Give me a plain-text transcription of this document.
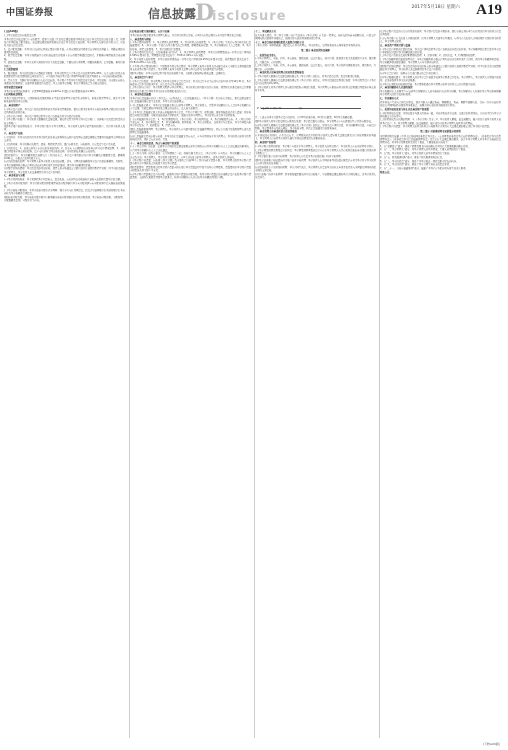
中国证券报	信息披露
D
isclosure
2017年5月18日 星期六 A19

(上接A18版)

(二)基金的投资方向和投资范围

本基金投资于依法发行上市的股票、债券等金融工具以及法律法规或中国证监会允许基金投资的其他金融工具，但须符合中国证监会相关规定。如法律法规或监管机构以后允许基金投资其他品种，基金管理人在履行适当程序后，可以将其纳入投资范围。

1、资产配置策略：本基金综合运用定性和定量的分析手段，在对宏观经济因素进行充分研究的基础上，判断宏观经济周期所处阶段。

2、股票投资策略：本基金将精选具有持续成长能力的优质上市公司股票构建投资组合，并根据市场情况进行动态调整。

3、债券投资策略：本基金采用久期控制下的主动投资策略，主要包括久期管理、期限结构配置、信用策略、相对价值判断等。

(三)投资限制

1、组合限制：基金的投资组合应遵循以下限制：本基金股票资产占基金资产的比例为0%-95%；每个交易日日终在扣除股指期货合约需缴纳的交易保证金后，应当保持不低于基金资产净值5%的现金或者到期日在一年以内的政府债券。

2、禁止行为：为维护基金份额持有人的合法权益，基金财产不得用于下列投资或者活动：承销证券；违反规定向他人贷款或者提供担保；从事承担无限责任的投资；买卖其他基金份额，但是中国证监会另有规定的除外。

(四)业绩比较基准

本基金的业绩比较基准为：沪深300指数收益率×60%+中债综合全价指数收益率×40%。

(五)风险收益特征

本基金为混合型基金，其预期收益及预期风险水平高于债券型基金和货币市场基金，但低于股票型基金，属于中等风险收益特征的基金品种。

五、基金的财产

(一)基金资产总值：基金资产总值是指购买的各类证券及票据价值、银行存款本息和基金应收的申购基金款以及其他投资所形成的价值总和。

(二)基金资产净值：基金资产净值是指基金资产总值减去基金负债后的价值。

(三)基金财产的账户：基金托管人根据相关法律法规、规范性文件为本基金开立资金账户、证券账户以及投资所需的其他专用账户。

(四)基金财产的保管和处分：本基金财产独立于基金管理人、基金托管人和基金销售机构的财产，并由基金托管人保管。

六、基金资产估值

(一)估值日：本基金的估值日为本基金相关的证券交易场所的交易日以及国家法律法规规定需要对外披露基金净值的非交易日。

(二)估值对象：基金所拥有的股票、债券、股指期货合约、银行存款本息、应收款项、其它投资等资产及负债。

(三)估值方法：1、证券交易所上市的有价证券的估值；2、处于未上市期间的有价证券应区分如下情况处理；3、全国银行间债券市场交易的债券、资产支持证券等固定收益品种，采用估值技术确定公允价值。

(四)估值程序：基金份额净值是按照每个工作日闭市后，基金资产净值除以当日基金份额的余额数量计算，精确到0.001元，小数点后第4位四舍五入。

(五)估值错误的处理：基金管理人和基金托管人将采取必要、适当、合理的措施确保基金资产估值的准确性、及时性。当基金份额净值小数点后4位以内(含第4位)发生估值错误时，视为基金份额净值错误。

(六)暂停估值的情形：基金投资所涉及的证券、期货交易市场遇法定节假日或因其他原因暂停营业时；因不可抗力致使基金管理人、基金托管人无法准确评估基金资产价值时。

七、基金收益与分配

(一)基金利润的构成：基金利润指基金利息收入、投资收益、公允价值变动收益和其他收入扣除相关费用后的余额。

(二)基金可供分配利润：基金可供分配利润指截至收益分配基准日基金未分配利润与未分配利润中已实现收益的孰低数。

(三)基金收益分配原则：本基金收益分配方式分两种：现金分红与红利再投资，投资者可选择现金红利或将现金红利自动转为基金份额进行再投资。

(四)收益分配方案：基金收益分配方案中应载明截止收益分配基准日的可供分配利润、基金收益分配对象、分配时间、分配数额及比例、分配方式等内容。

(五)收益分配方案的确定、公告与实施

本基金收益分配方案由基金管理人拟定，并由基金托管人复核，在2日内在指定媒介公告并报中国证监会备案。

八、基金费用与税收

(一)基金费用的种类：1、基金管理人的管理费；2、基金托管人的托管费；3、《基金合同》生效后与基金相关的信息披露费用；4、《基金合同》生效后与基金相关的会计师费、律师费和诉讼费；5、基金份额持有人大会费用；6、基金的证券、期货交易费用；7、基金的银行汇划费用。

(二)基金费用计提方法、计提标准和支付方式：1、基金管理人的管理费：本基金的管理费按前一日基金资产净值的1.50%年费率计提。管理费的计算方法如下：H=E×1.50%÷当年天数。

2、基金托管人的托管费：本基金的托管费按前一日基金资产净值的0.25%的年费率计提。托管费的计算方法如下：H=E×0.25%÷当年天数。

(三)不列入基金费用的项目：下列费用不列入基金费用：基金管理人和基金托管人因未履行或未完全履行义务导致的费用支出或基金财产的损失；基金管理人和基金托管人处理与基金运作无关的事项发生的费用。

(四)基金税收：本基金运作过程中涉及的各纳税主体，其纳税义务按国家税收法律、法规执行。

九、基金的会计与审计

(一)基金会计政策：基金管理人为本基金的基金会计责任方；基金的会计年度为公历年度的1月1日至12月31日；基金核算以人民币为记账本位币，以人民币元为记账单位。

(二)基金的年度审计：基金管理人聘请与基金管理人、基金托管人相互独立的具有证券、期货相关业务资格的会计师事务所及其注册会计师对本基金的年度财务报表进行审计。

十、基金的信息披露

本基金的信息披露应符合《基金法》、《运作办法》、《信息披露办法》、《基金合同》及其他有关规定。相关法律法规关于信息披露的规定发生变化时，本基金从其最新规定。

(一)信息披露义务人：本基金信息披露义务人包括基金管理人、基金托管人、召集基金份额持有人大会的基金份额持有人等法律、行政法规和中国证监会规定的自然人、法人和其他组织。

(二)本基金信息披露义务人承诺公开披露的基金信息，不得有下列行为：虚假记载、误导性陈述或者重大遗漏；对证券投资业绩进行预测；违规承诺收益或者承担损失；诋毁其他基金管理人、基金托管人或者基金销售机构。

(三)公开披露的基金信息：1、基金招募说明书、《基金合同》、基金托管协议；2、基金份额发售公告；3、《基金合同》生效公告；4、基金净值信息；5、基金份额申购、赎回价格；6、基金定期报告，包括基金年度报告、基金中期报告和基金季度报告；7、临时报告；8、澄清公告。

(四)信息披露事务管理：基金管理人、基金托管人应当建立健全信息披露管理制度，指定专门部门及高级管理人员负责管理信息披露事务。

(五)信息披露文件的存放与查阅：本基金的信息披露文件公布后，应当分别置备于基金管理人、基金托管人和基金销售机构的住所，供社会公众查阅、复制。

十一、基金合同的变更、终止与基金财产的清算

(一)《基金合同》的变更：变更基金合同涉及法律法规规定或本合同约定应经基金份额持有人大会决议通过的事项的，应召开基金份额持有人大会决议通过。

(二)《基金合同》的终止事由：有下列情形之一的，经履行相关程序后，《基金合同》应当终止：基金份额持有人大会决定终止的；基金管理人、基金托管人职责终止，在6个月内没有新基金管理人、新基金托管人承接的。

(三)基金财产的清算：自出现《基金合同》终止事由之日起30个工作日内成立清算小组，基金管理人组织基金财产清算小组并在中国证监会的监督下进行基金清算。

(四)清算费用：清算费用是指基金财产清算小组在进行基金清算过程中发生的所有合理费用，清算费用由基金财产清算小组优先从基金财产中支付。

(五)基金财产清算剩余资产的分配：依据基金财产清算的分配方案，将基金财产清算后的全部剩余资产扣除基金财产清算费用、交纳所欠税款并清偿基金债务后，按基金份额持有人持有的基金份额比例进行分配。

十二、争议解决方式

各方当事人同意，因《基金合同》而产生的或与《基金合同》有关的一切争议，如经友好协商未能解决的，应提交中国国际经济贸易仲裁委员会，按照其时有效的仲裁规则进行仲裁。

十三、基金合同存放地和投资人取得合同的方式

《基金合同》可印制成册，供投资人在基金管理人、基金托管人、销售机构的办公场所和营业场所查阅。

第二部分 基金托管协议摘要

一、托管协议当事人

(一)基金管理人：名称、住所、办公地址、邮政编码、法定代表人、成立日期、批准设立机关及批准设立文号、组织形式、注册资本、存续期间。

(二)基金托管人：名称、住所、办公地址、邮政编码、法定代表人、成立日期、基金托管业务批准文号、组织形式、注册资本、存续期间。

二、基金托管人对基金管理人的业务监督和核查

(一)基金托管人根据有关法律法规的规定及《基金合同》的约定，对基金投资范围、投资对象进行监督。

(二)基金托管人根据有关法律法规的规定及《基金合同》的约定，对基金投融资比例进行监督：本基金股票资产占基金资产的比例为0%-95%。

(三)基金托管人对基金管理人参与银行间债券市场进行监督，基金管理人应事先向基金托管人提供银行间债券市场交易对手名单。

P = ∑ (Pi × Qi) / N ……………… (1)

注：上述公式用于计算基金资产的估值，其中Pi为证券价格，Qi为持有数量，N为基金份额总数。

(四)基金托管人对基金投资银行存款进行监督：基金投资银行存款前，基金管理人应与存款银行签订具体存款协议。

(五)基金托管人根据有关法律法规的规定及《基金合同》的约定，对基金资产净值计算、基金份额净值计算、应收资金到账、基金费用开支及收入确定、基金收益分配、相关信息披露进行监督和核查。

三、基金管理人对基金托管人的业务核查

在本协议的有效期内，在不违反公平、合理原则以及不妨碍基金托管人遵守相关法律法规及其行业监管要求的基础上，基金管理人有权对基金托管人履行本协议的情况进行必要的核查。

四、基金财产的保管

(一)基金财产保管的原则：基金财产应独立于基金管理人、基金托管人的固有财产；基金托管人应安全保管基金财产。

(二)基金募集期间及募集资金的验资：基金募集期间募集的资金应存于基金管理人在具有托管资格的商业银行开设的基金募集专户。

(三)基金银行账户的开立和管理：基金托管人应负责本基金的银行账户的开立和管理。

(四)基金证券账户和结算备付金账户的开立和管理：基金托管人在中国证券登记结算有限责任公司为基金开立基金托管人与基金联名的证券账户。

(五)债券托管专户的开设和管理：基金合同生效后，基金管理人负责以基金的名义申请并取得进入全国银行间同业拆借市场的交易资格。

(六)其他账户的开立和管理：因业务发展需要而开立的其他账户，可以根据法律法规和基金合同的规定，由基金托管人负责开立。

(七)基金财产投资的有关有价凭证的保管：基金财产投资的实物证券、银行存款定期存单等有价凭证由基金托管人负责妥善保管。

(八)与基金财产有关的重大合同的保管：由基金管理人代表基金签署的、与基金有关的重大合同的原件分别由基金托管人、基金管理人保管。

五、基金资产净值计算与复核

(一)基金资产净值的计算和复核：基金资产净值是指基金资产总值减去负债后的价值。基金份额净值是指计算日基金资产净值除以计算日基金份额总数后的价值。

(二)基金资产估值方法和特殊情形的处理：1、估值对象；2、估值方法；3、特殊情形的处理。

(三)基金份额净值错误的处理方式：当基金份额净值小数点后4位以内(含第4位)发生差错时，视为基金份额净值错误；基金份额净值出现错误时，基金管理人应当立即予以纠正。

(四)暂停估值的情形：基金投资所涉及的证券交易市场遇法定节假日或因其他原因暂停营业时；因不可抗力或其他情形致使基金管理人、基金托管人无法准确评估基金资产价值时。

(五)基金会计制度：按国家有关部门规定的会计制度执行。

(六)基金账册的建立：基金管理人进行基金会计核算并编制基金财务会计报告。基金管理人、基金托管人分别独立地设置、记录和保管本基金的全套账册。

(七)基金定期报告的编制和复核：基金财务报表由基金管理人和基金托管人每月分别独立编制。

六、基金份额持有人名册的保管

基金份额持有人名册至少应包括基金份额持有人的名称和持有的基金份额。基金份额持有人名册由基金登记机构根据基金管理人的指令编制和保管。

七、争议解决方式

因本协议产生或与之相关的争议，双方当事人应通过协商、调解解决，协商、调解不能解决的，任何一方均有权将争议提交中国国际经济贸易仲裁委员会，按照其时有效的仲裁规则进行仲裁。

八、托管协议的变更与终止以及基金财产的清算

(一)托管协议的变更：本协议双方当事人经协商一致，可以对协议进行变更。变更后的托管协议，其内容不得与基金合同的规定有任何冲突。

(二)托管协议终止出现的情形：1、《基金合同》终止；2、基金托管人解散、依法被撤销、破产或由其他基金托管人接管基金资产；3、基金管理人解散、依法被撤销、破产或由其他基金管理人接管基金管理权。

(三)基金财产的清算：基金管理人和基金托管人应按照基金合同及有关法律法规的规定进行基金财产的清算。

第三部分 对招募说明书更新部分的说明

本招募说明书依据《中华人民共和国证券投资基金法》、《公开募集证券投资基金运作管理办法》、《证券投资基金销售管理办法》、《证券投资基金信息披露管理办法》及其它有关法律法规的要求，结合本基金管理人对本基金实施的投资管理活动，对本基金招募说明书进行了更新，主要更新的内容如下：

1、在“重要提示”部分，更新了招募说明书内容的截止日期及有关财务数据的截止日期。

2、在“三、基金管理人”部分，对基金管理人的基本情况、主要人员情况进行了更新。

3、在“四、基金托管人”部分，对基金托管人的基本情况进行了更新。

4、在“五、相关服务机构”部分，更新了相关服务机构的信息。

5、在“八、基金的投资”部分，更新了本基金最近一期投资组合报告的内容。

6、在“九、基金的业绩”部分，更新了基金合同生效以来的投资业绩。

7、在“二十一、其他应披露事项”部分，披露了本基金在本报告期内发生的重大事项。

特此公告。

(下转A20版)
